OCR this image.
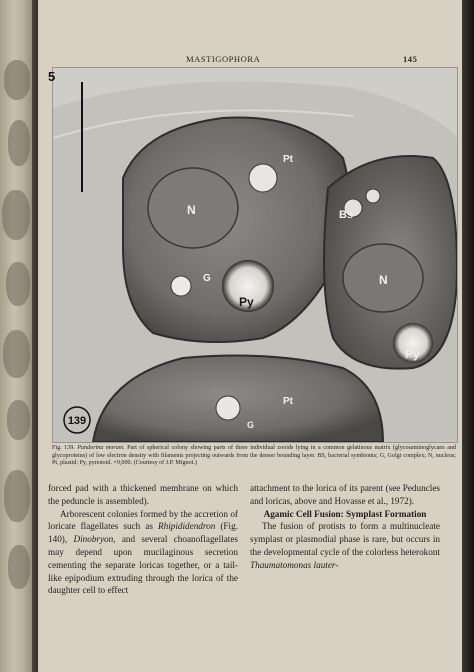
MASTIGOPHORA	145
139
Pt
N	Bs
G
Py
N
Py
Pt
G
5
Fig. 139. Pandorina morum. Part of spherical colony showing parts of three individual zooids lying in a common gelatinous matrix (glycosaminoglycans and glycoproteins) of low electron density with filaments projecting outwards from the denser bounding layer. BS, bacterial symbionts; G, Golgi complex; N, nucleus; Pt, plastid; Py, pyrenoid. ×9,000. (Courtesy of J.P. Mignot.)

forced pad with a thickened membrane on which the peduncle is assembled).

Arborescent colonies formed by the accretion of loricate flagellates such as Rhipididendron (Fig. 140), Dinobryon, and several choanoflagellates may depend upon mucilaginous secretion cementing the separate loricas together, or a tail-like epipodium extruding through the lorica of the daughter cell to effect

attachment to the lorica of its parent (see Peduncles and loricas, above and Hovasse et al., 1972).

Agamic Cell Fusion: Symplast Formation

The fusion of protists to form a multinucleate symplast or plasmodial phase is rare, but occurs in the developmental cycle of the colorless heterokont Thaumatomonas lauter-
